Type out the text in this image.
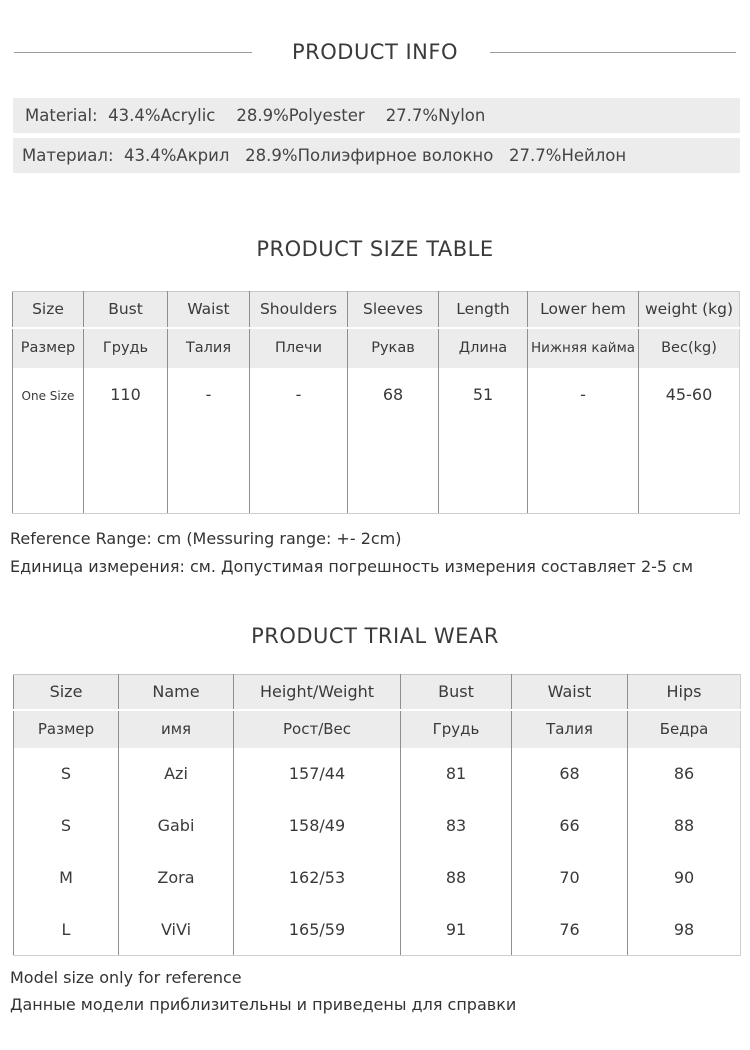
PRODUCT INFO
Material:  43.4%Acrylic    28.9%Polyester    27.7%Nylon
Материал:  43.4%Акрил   28.9%Полиэфирное волокно   27.7%Нейлон
PRODUCT SIZE TABLE
Size	Bust	Waist	Shoulders	Sleeves	Length	Lower hem	weight (kg)
Размер	Грудь	Талия	Плечи	Рукав	Длина	Нижняя кайма	Вес(kg)
One Size	110	-	-	68	51	-	45-60
Reference Range: cm (Messuring range: +- 2cm)
Единица измерения: см. Допустимая погрешность измерения составляет 2-5 см
PRODUCT TRIAL WEAR
Size	Name	Height/Weight	Bust	Waist	Hips
Размер	имя	Рост/Вес	Грудь	Талия	Бедра
S	Azi	157/44	81	68	86
S	Gabi	158/49	83	66	88
M	Zora	162/53	88	70	90
L	ViVi	165/59	91	76	98
Model size only for reference
Данные модели приблизительны и приведены для справки
